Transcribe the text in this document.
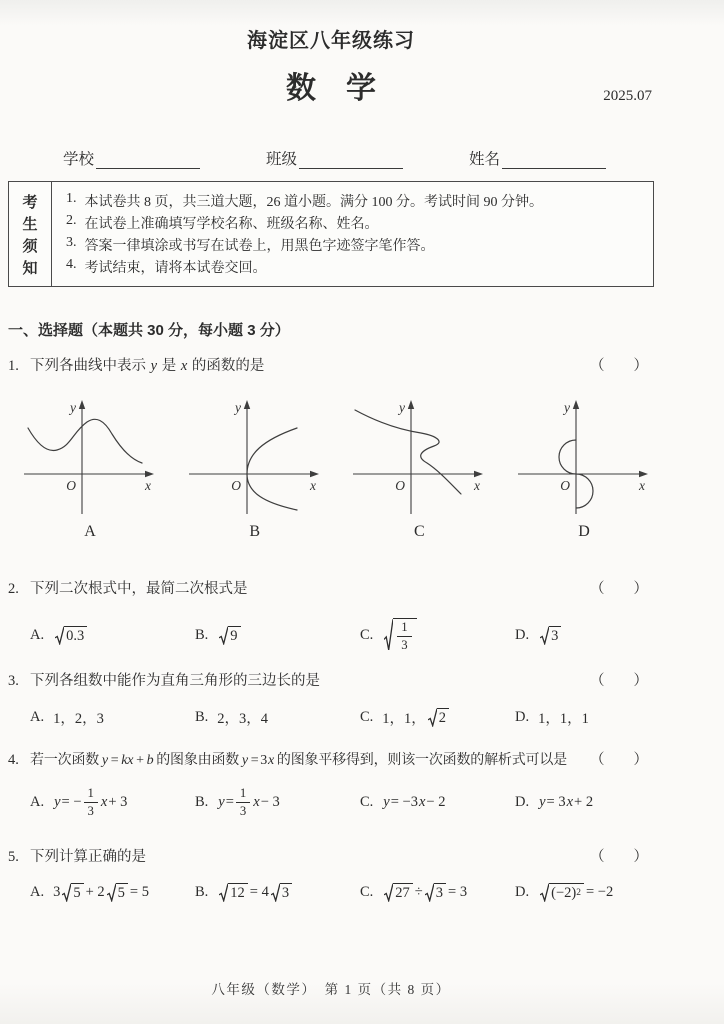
海淀区八年级练习
数　学	2025.07
学校	班级	姓名
考
生
须
知
1. 本试卷共 8 页，共三道大题，26 道小题。满分 100 分。考试时间 90 分钟。
2. 在试卷上准确填写学校名称、班级名称、姓名。
3. 答案一律填涂或书写在试卷上，用黑色字迹签字笔作答。
4. 考试结束，请将本试卷交回。
一、选择题（本题共 30 分，每小题 3 分）
1. 下列各曲线中表示 y 是 x 的函数的是	（　　）
y
x
O
A
y
x
O
B
y
x
O
C
y
x
O
D
2. 下列二次根式中，最简二次根式是	（　　）
A. 0.3	B. 9	C. $\frac{1}{3}$	D. 3
3. 下列各组数中能作为直角三角形的三边长的是	（　　）
A. 1，2，3	B. 2，3，4	C. 1，1， 2	D. 1，1，1
4. 若一次函数 y = kx + b 的图象由函数 y = 3x 的图象平移得到，则该一次函数的解析式可以是	（　　）
A. y = − $\frac{1}{3}$ x + 3	B. $y = \frac{1}{3}$ x − 3	C. y = −3 x − 2	D. y = 3 x + 2
5. 下列计算正确的是	（　　）
A. 3 5 + 2 5 = 5	B. 12 = 4 3	C. 27 ÷ 3 = 3	D. (−2) 2 = −2
八年级（数学）　第 1 页（共 8 页）
